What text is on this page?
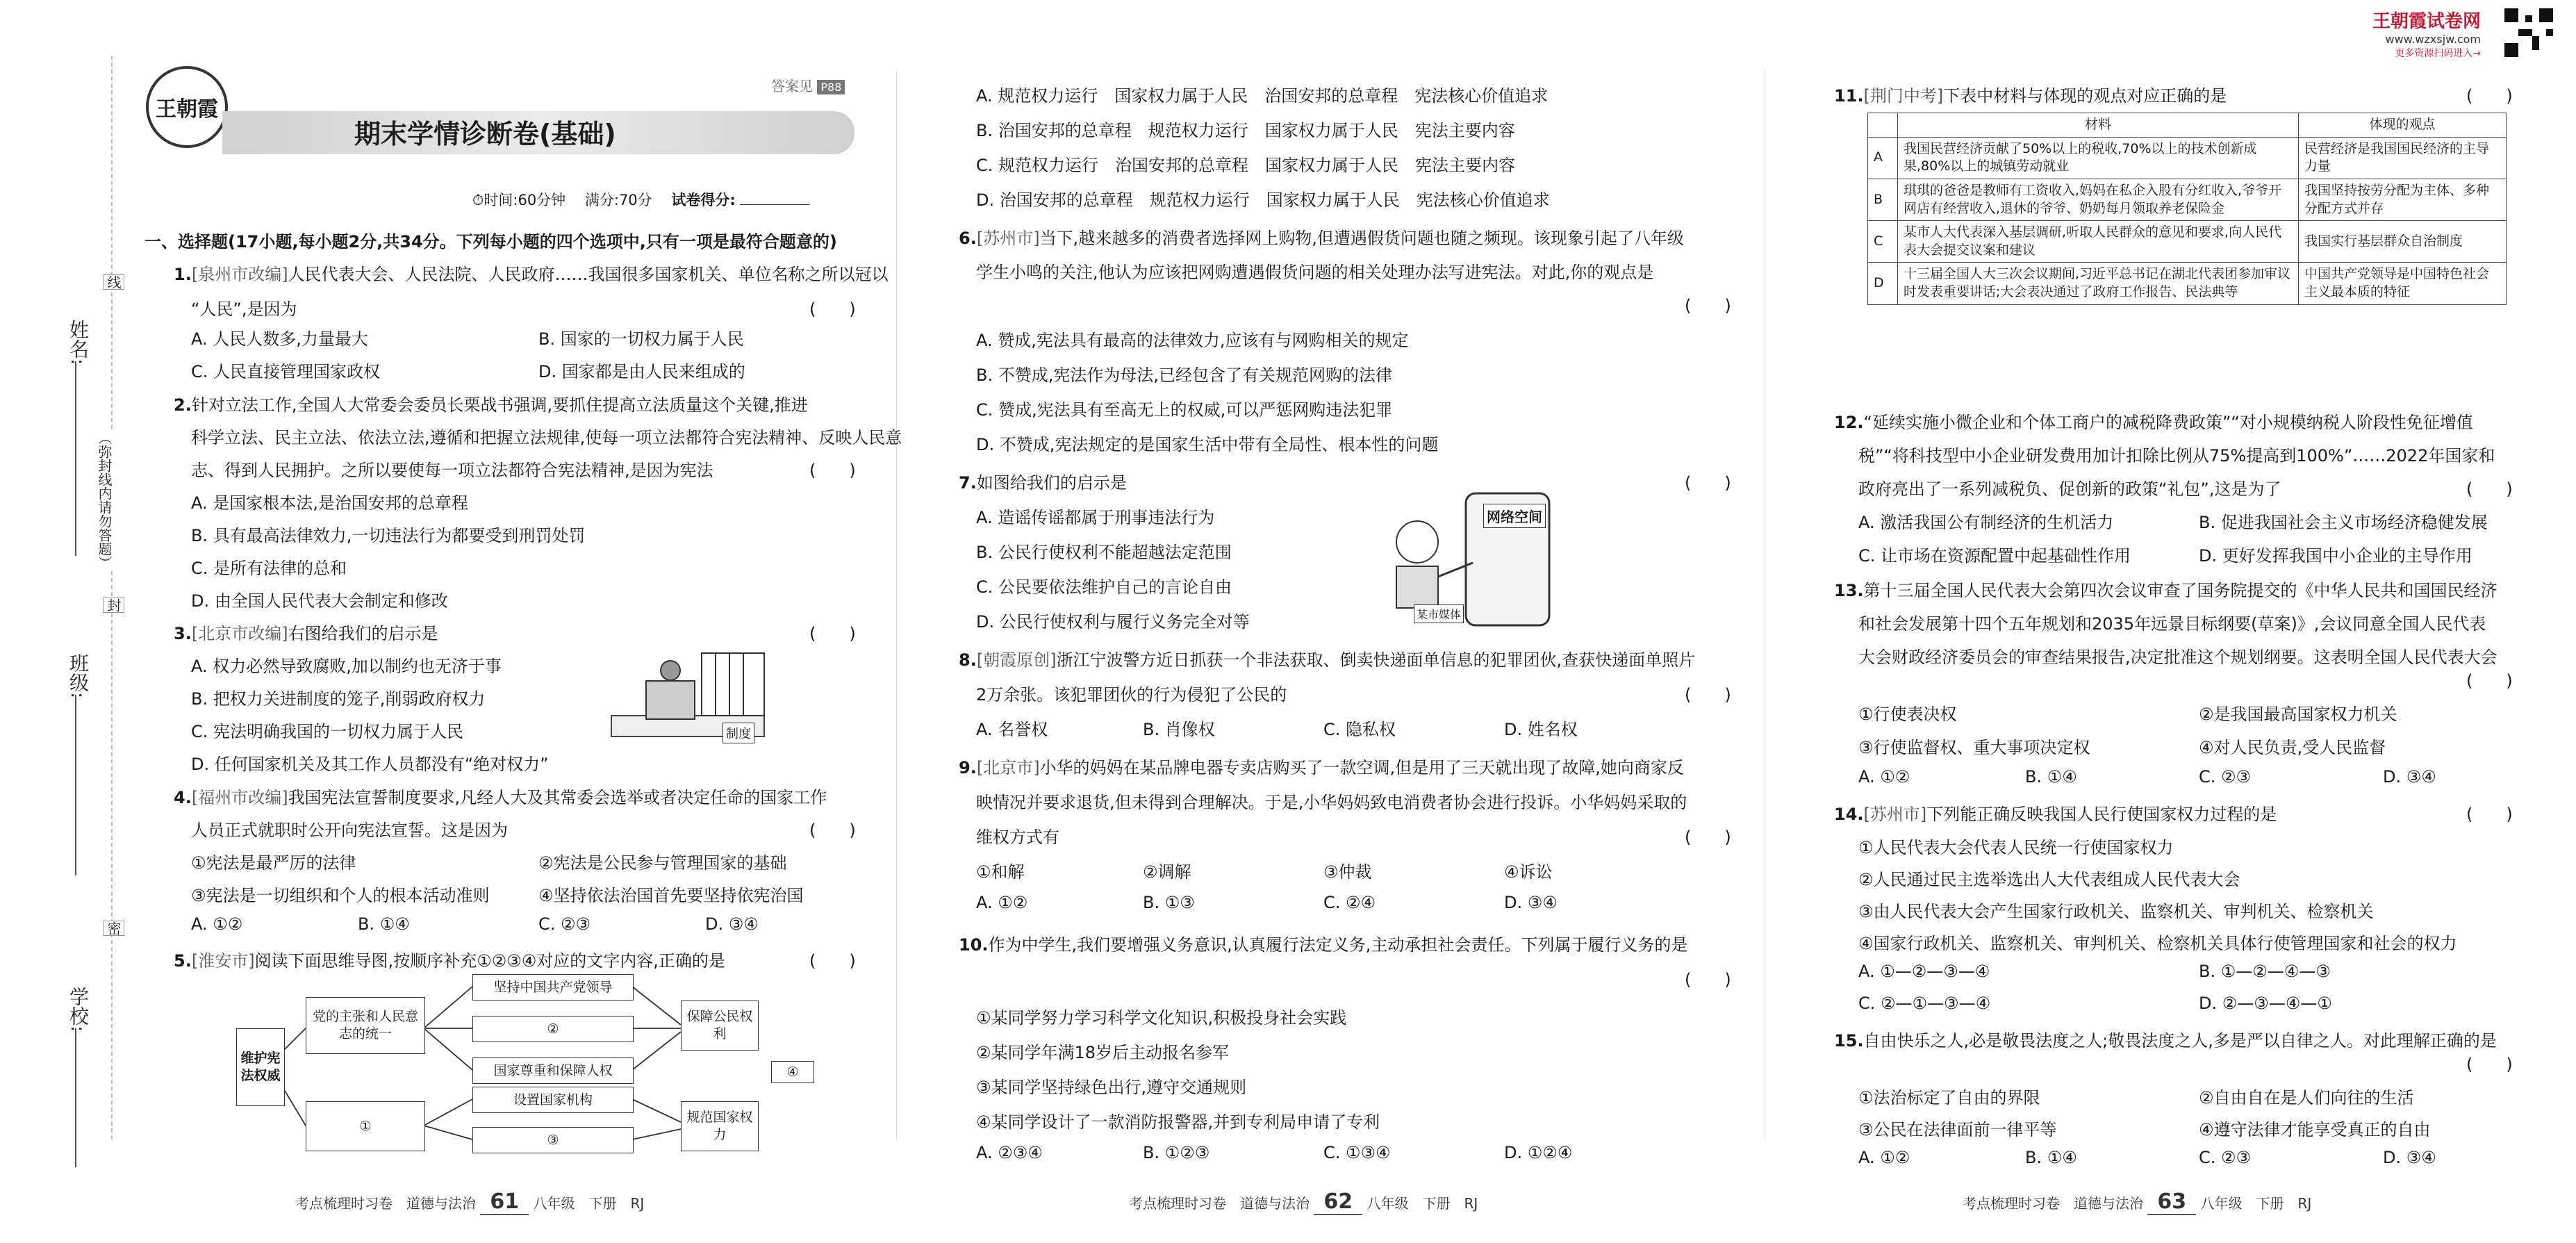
姓名:
班级:
学校:
（弥封线内请勿答题）
线
封
密
王朝霞
期末学情诊断卷(基础)
答案见 P88
⏱时间:60分钟　 满分:70分　 试卷得分:
一、选择题(17小题,每小题2分,共34分。下列每小题的四个选项中,只有一项是最符合题意的)
1.[泉州市改编]人民代表大会、人民法院、人民政府……我国很多国家机关、单位名称之所以冠以
“人民”,是因为	(　　)
A. 人民人数多,力量最大	B. 国家的一切权力属于人民
C. 人民直接管理国家政权	D. 国家都是由人民来组成的
2.针对立法工作,全国人大常委会委员长栗战书强调,要抓住提高立法质量这个关键,推进
科学立法、民主立法、依法立法,遵循和把握立法规律,使每一项立法都符合宪法精神、反映人民意
志、得到人民拥护。之所以要使每一项立法都符合宪法精神,是因为宪法	(　　)
A. 是国家根本法,是治国安邦的总章程
B. 具有最高法律效力,一切违法行为都要受到刑罚处罚
C. 是所有法律的总和
D. 由全国人民代表大会制定和修改
3.[北京市改编]右图给我们的启示是	(　　)
A. 权力必然导致腐败,加以制约也无济于事
B. 把权力关进制度的笼子,削弱政府权力
C. 宪法明确我国的一切权力属于人民
D. 任何国家机关及其工作人员都没有“绝对权力”
制度
4.[福州市改编]我国宪法宣誓制度要求,凡经人大及其常委会选举或者决定任命的国家工作
人员正式就职时公开向宪法宣誓。这是因为	(　　)
①宪法是最严厉的法律	②宪法是公民参与管理国家的基础
③宪法是一切组织和个人的根本活动准则	④坚持依法治国首先要坚持依宪治国
A. ①②	B. ①④	C. ②③	D. ③④
5.[淮安市]阅读下面思维导图,按顺序补充①②③④对应的文字内容,正确的是	(　　)
维护宪法权威
党的主张和人民意志的统一
①
坚持中国共产党领导
②
国家尊重和保障人权
设置国家机构
③
保障公民权利
规范国家权力
④
考点梳理时习卷　道德与法治 61 八年级　下册　RJ
A. 规范权力运行　国家权力属于人民　治国安邦的总章程　宪法核心价值追求
B. 治国安邦的总章程　规范权力运行　国家权力属于人民　宪法主要内容
C. 规范权力运行　治国安邦的总章程　国家权力属于人民　宪法主要内容
D. 治国安邦的总章程　规范权力运行　国家权力属于人民　宪法核心价值追求
6.[苏州市]当下,越来越多的消费者选择网上购物,但遭遇假货问题也随之频现。该现象引起了八年级
学生小鸣的关注,他认为应该把网购遭遇假货问题的相关处理办法写进宪法。对此,你的观点是
(　　)
A. 赞成,宪法具有最高的法律效力,应该有与网购相关的规定
B. 不赞成,宪法作为母法,已经包含了有关规范网购的法律
C. 赞成,宪法具有至高无上的权威,可以严惩网购违法犯罪
D. 不赞成,宪法规定的是国家生活中带有全局性、根本性的问题
7.如图给我们的启示是	(　　)
A. 造谣传谣都属于刑事违法行为
B. 公民行使权利不能超越法定范围
C. 公民要依法维护自己的言论自由
D. 公民行使权利与履行义务完全对等
网络空间
某市媒体
8.[朝霞原创]浙江宁波警方近日抓获一个非法获取、倒卖快递面单信息的犯罪团伙,查获快递面单照片
2万余张。该犯罪团伙的行为侵犯了公民的	(　　)
A. 名誉权	B. 肖像权	C. 隐私权	D. 姓名权
9.[北京市]小华的妈妈在某品牌电器专卖店购买了一款空调,但是用了三天就出现了故障,她向商家反
映情况并要求退货,但未得到合理解决。于是,小华妈妈致电消费者协会进行投诉。小华妈妈采取的
维权方式有	(　　)
①和解	②调解	③仲裁	④诉讼
A. ①②	B. ①③	C. ②④	D. ③④
10.作为中学生,我们要增强义务意识,认真履行法定义务,主动承担社会责任。下列属于履行义务的是
(　　)
①某同学努力学习科学文化知识,积极投身社会实践
②某同学年满18岁后主动报名参军
③某同学坚持绿色出行,遵守交通规则
④某同学设计了一款消防报警器,并到专利局申请了专利
A. ②③④	B. ①②③	C. ①③④	D. ①②④
考点梳理时习卷　道德与法治 62 八年级　下册　RJ
王朝霞试卷网
www.wzxsjw.com
更多资源扫码进入→
11.[荆门中考]下表中材料与体现的观点对应正确的是	(　　)
	材料	体现的观点
A	我国民营经济贡献了50%以上的税收,70%以上的技术创新成果,80%以上的城镇劳动就业	民营经济是我国国民经济的主导力量
B	琪琪的爸爸是教师有工资收入,妈妈在私企入股有分红收入,爷爷开网店有经营收入,退休的爷爷、奶奶每月领取养老保险金	我国坚持按劳分配为主体、多种分配方式并存
C	某市人大代表深入基层调研,听取人民群众的意见和要求,向人民代表大会提交议案和建议	我国实行基层群众自治制度
D	十三届全国人大三次会议期间,习近平总书记在湖北代表团参加审议时发表重要讲话;大会表决通过了政府工作报告、民法典等	中国共产党领导是中国特色社会主义最本质的特征
12.“延续实施小微企业和个体工商户的减税降费政策”“对小规模纳税人阶段性免征增值
税”“将科技型中小企业研发费用加计扣除比例从75%提高到100%”……2022年国家和
政府亮出了一系列减税负、促创新的政策“礼包”,这是为了	(　　)
A. 激活我国公有制经济的生机活力	B. 促进我国社会主义市场经济稳健发展
C. 让市场在资源配置中起基础性作用	D. 更好发挥我国中小企业的主导作用
13.第十三届全国人民代表大会第四次会议审查了国务院提交的《中华人民共和国国民经济
和社会发展第十四个五年规划和2035年远景目标纲要(草案)》,会议同意全国人民代表
大会财政经济委员会的审查结果报告,决定批准这个规划纲要。这表明全国人民代表大会
(　　)
①行使表决权	②是我国最高国家权力机关
③行使监督权、重大事项决定权	④对人民负责,受人民监督
A. ①②	B. ①④	C. ②③	D. ③④
14.[苏州市]下列能正确反映我国人民行使国家权力过程的是	(　　)
①人民代表大会代表人民统一行使国家权力
②人民通过民主选举选出人大代表组成人民代表大会
③由人民代表大会产生国家行政机关、监察机关、审判机关、检察机关
④国家行政机关、监察机关、审判机关、检察机关具体行使管理国家和社会的权力
A. ①—②—③—④	B. ①—②—④—③
C. ②—①—③—④	D. ②—③—④—①
15.自由快乐之人,必是敬畏法度之人;敬畏法度之人,多是严以自律之人。对此理解正确的是
(　　)
①法治标定了自由的界限	②自由自在是人们向往的生活
③公民在法律面前一律平等	④遵守法律才能享受真正的自由
A. ①②	B. ①④	C. ②③	D. ③④
考点梳理时习卷　道德与法治 63 八年级　下册　RJ
